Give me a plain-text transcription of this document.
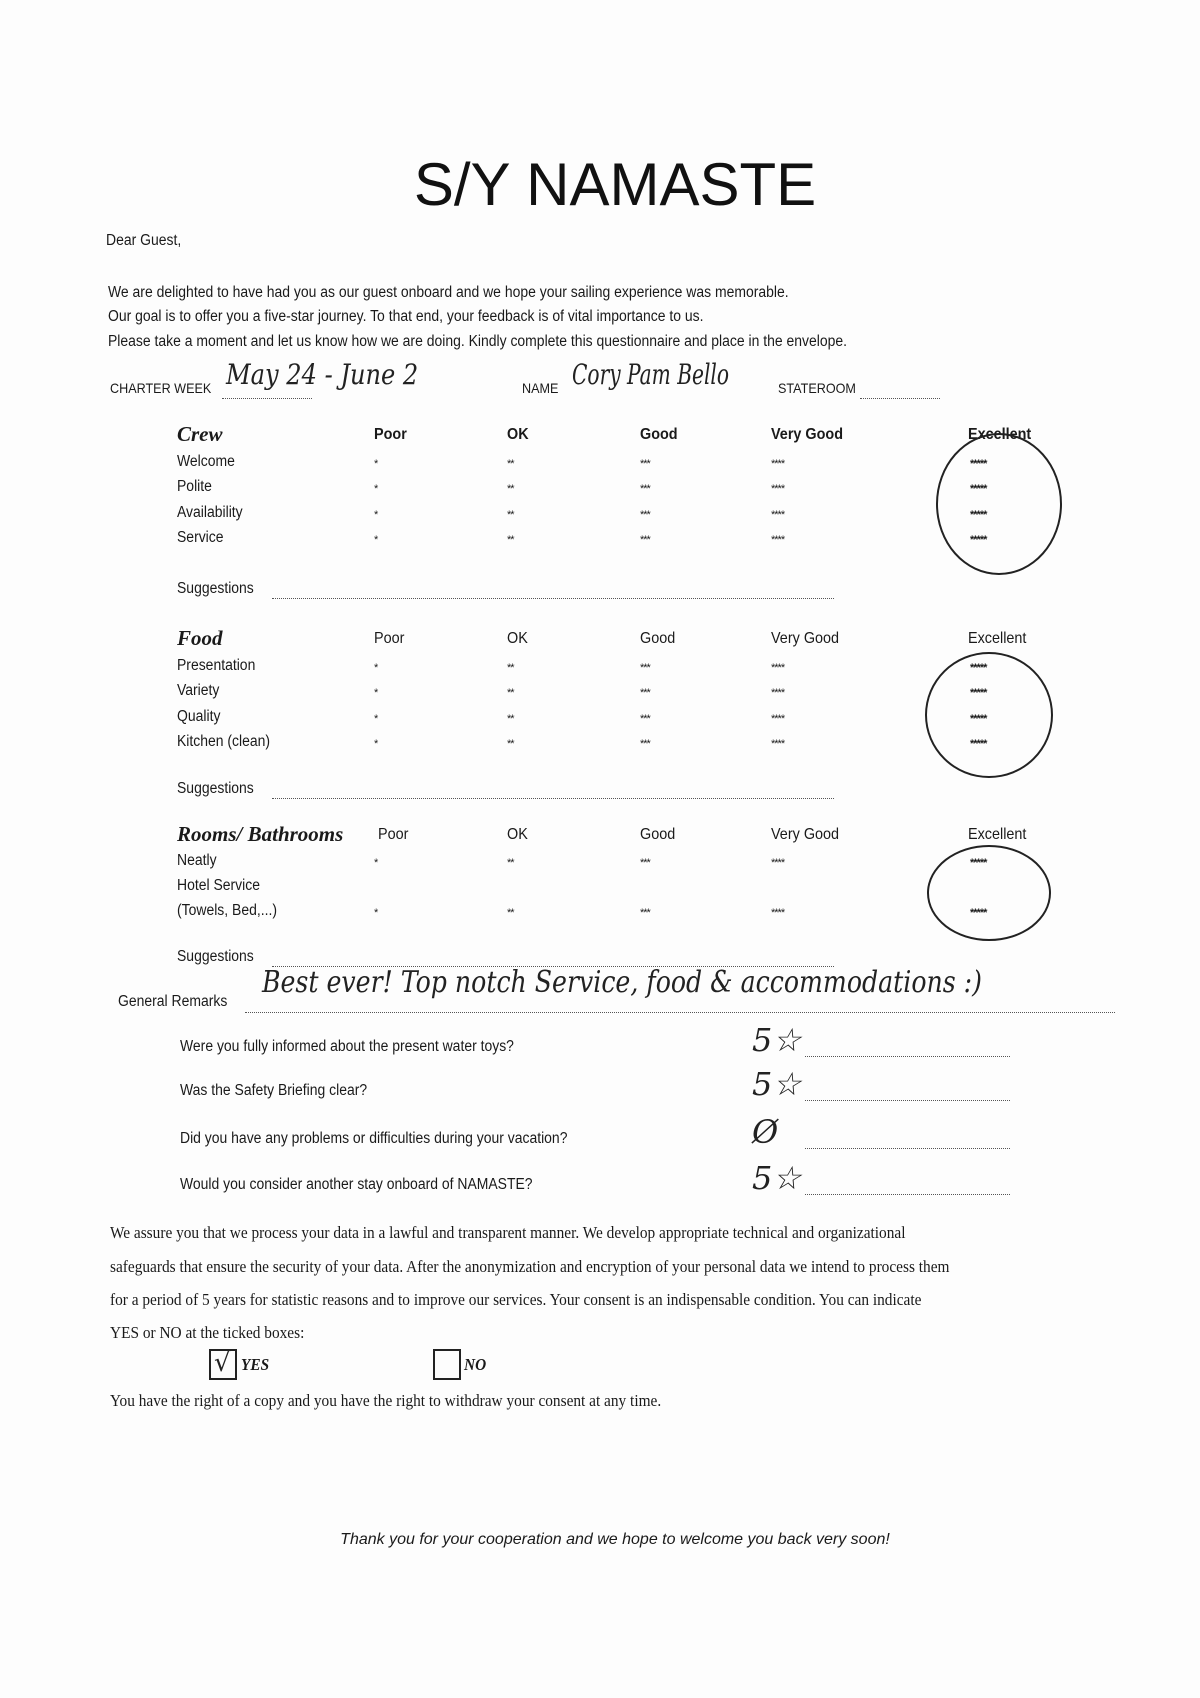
S/Y NAMASTE
Dear Guest,
We are delighted to have had you as our guest onboard and we hope your sailing experience was memorable.
Our goal is to offer you a five-star journey. To that end, your feedback is of vital importance to us.
Please take a moment and let us know how we are doing. Kindly complete this questionnaire and place in the envelope.
CHARTER WEEK May 24 - June 2	NAME Cory Pam Bello	STATEROOM
Crew	Poor	OK	Good	Very Good	Excellent
Welcome	*	**	***	****	*****
Polite	*	**	***	****	*****
Availability	*	**	***	****	*****
Service	*	**	***	****	*****
Suggestions
Food	Poor	OK	Good	Very Good	Excellent
Presentation	*	**	***	****	*****
Variety	*	**	***	****	*****
Quality	*	**	***	****	*****
Kitchen (clean)	*	**	***	****	*****
Suggestions
Rooms/ Bathrooms Poor	OK	Good	Very Good	Excellent
Neatly	*	**	***	****	*****
Hotel Service
(Towels, Bed,...)	*	**	***	****	*****
Suggestions
General Remarks
Best ever! Top notch Service, food & accommodations :)
Were you fully informed about the present water toys?	5☆
Was the Safety Briefing clear?	5☆
Did you have any problems or difficulties during your vacation?	Ø
Would you consider another stay onboard of NAMASTE?	5☆
We assure you that we process your data in a lawful and transparent manner. We develop appropriate technical and organizational
safeguards that ensure the security of your data. After the anonymization and encryption of your personal data we intend to process them
for a period of 5 years for statistic reasons and to improve our services. Your consent is an indispensable condition. You can indicate
YES or NO at the ticked boxes:
√ YES	NO
You have the right of a copy and you have the right to withdraw your consent at any time.
Thank you for your cooperation and we hope to welcome you back very soon!
